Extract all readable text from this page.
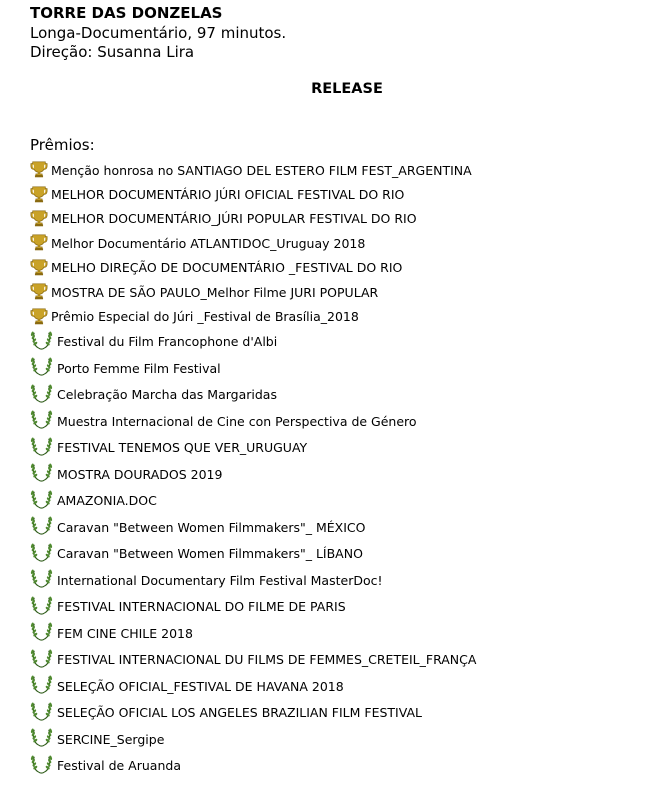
TORRE DAS DONZELAS
Longa-Documentário, 97 minutos.
Direção: Susanna Lira
RELEASE
Prêmios:
Menção honrosa no SANTIAGO DEL ESTERO FILM FEST_ARGENTINA
MELHOR DOCUMENTÁRIO JÚRI OFICIAL FESTIVAL DO RIO
MELHOR DOCUMENTÁRIO_JÚRI POPULAR FESTIVAL DO RIO
Melhor Documentário ATLANTIDOC_Uruguay 2018
MELHO DIREÇÃO DE DOCUMENTÁRIO _FESTIVAL DO RIO
MOSTRA DE SÃO PAULO_Melhor Filme JURI POPULAR
Prêmio Especial do Júri _Festival de Brasília_2018
Festival du Film Francophone d'Albi
Porto Femme Film Festival
Celebração Marcha das Margaridas
Muestra Internacional de Cine con Perspectiva de Género
FESTIVAL TENEMOS QUE VER_URUGUAY
MOSTRA DOURADOS 2019
AMAZONIA.DOC
Caravan "Between Women Filmmakers"_ MÉXICO
Caravan "Between Women Filmmakers"_ LÍBANO
International Documentary Film Festival MasterDoc!
FESTIVAL INTERNACIONAL DO FILME DE PARIS
FEM CINE CHILE 2018
FESTIVAL INTERNACIONAL DU FILMS DE FEMMES_CRETEIL_FRANÇA
SELEÇÃO OFICIAL_FESTIVAL DE HAVANA 2018
SELEÇÃO OFICIAL LOS ANGELES BRAZILIAN FILM FESTIVAL
SERCINE_Sergipe
Festival de Aruanda
